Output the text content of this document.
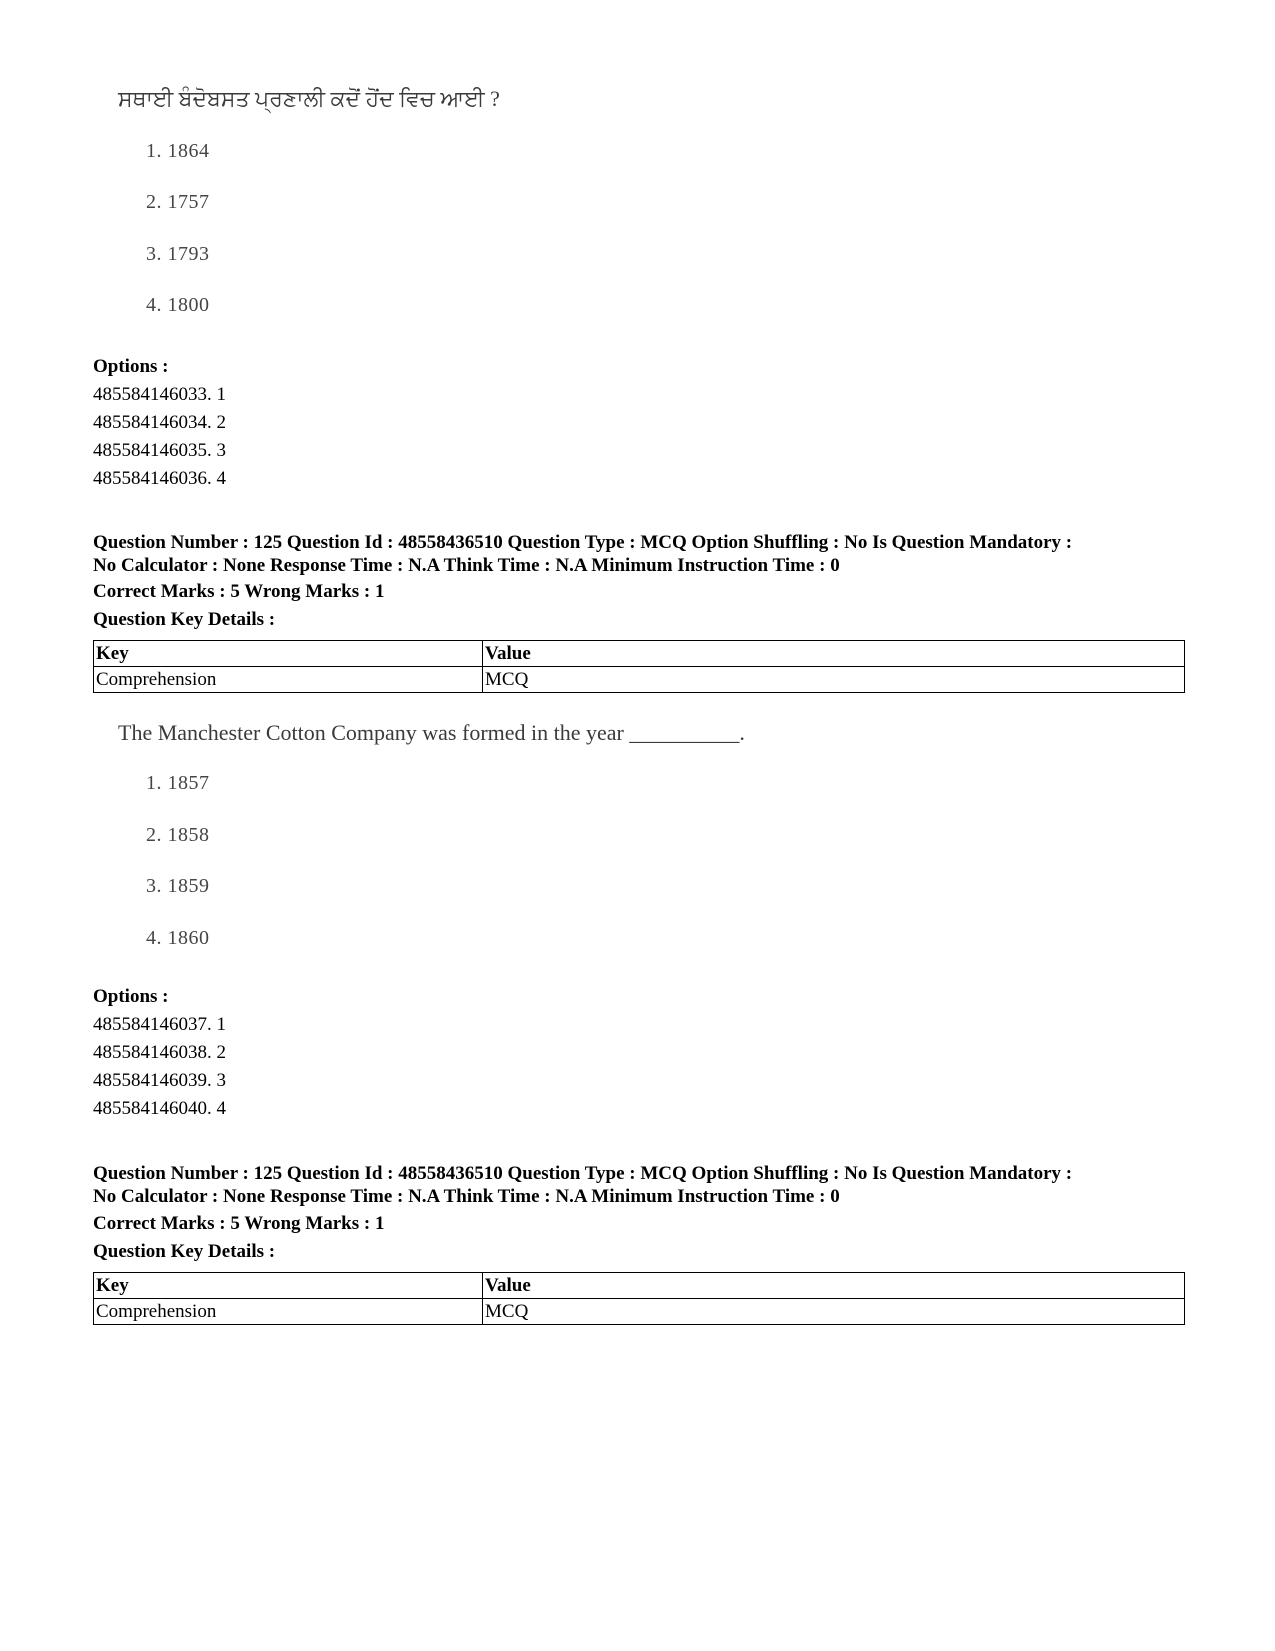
ਸਥਾਈ ਬੰਦੋਬਸਤ ਪ੍ਰਣਾਲੀ ਕਦੋਂ ਹੋਂਦ ਵਿਚ ਆਈ ?
1. 1864
2. 1757
3. 1793
4. 1800
Options :
485584146033. 1
485584146034. 2
485584146035. 3
485584146036. 4
Question Number : 125 Question Id : 48558436510 Question Type : MCQ Option Shuffling : No Is Question Mandatory :
No Calculator : None Response Time : N.A Think Time : N.A Minimum Instruction Time : 0
Correct Marks : 5 Wrong Marks : 1
Question Key Details :
Key	Value
Comprehension	MCQ
The Manchester Cotton Company was formed in the year __________.
1. 1857
2. 1858
3. 1859
4. 1860
Options :
485584146037. 1
485584146038. 2
485584146039. 3
485584146040. 4
Question Number : 125 Question Id : 48558436510 Question Type : MCQ Option Shuffling : No Is Question Mandatory :
No Calculator : None Response Time : N.A Think Time : N.A Minimum Instruction Time : 0
Correct Marks : 5 Wrong Marks : 1
Question Key Details :
Key	Value
Comprehension	MCQ
